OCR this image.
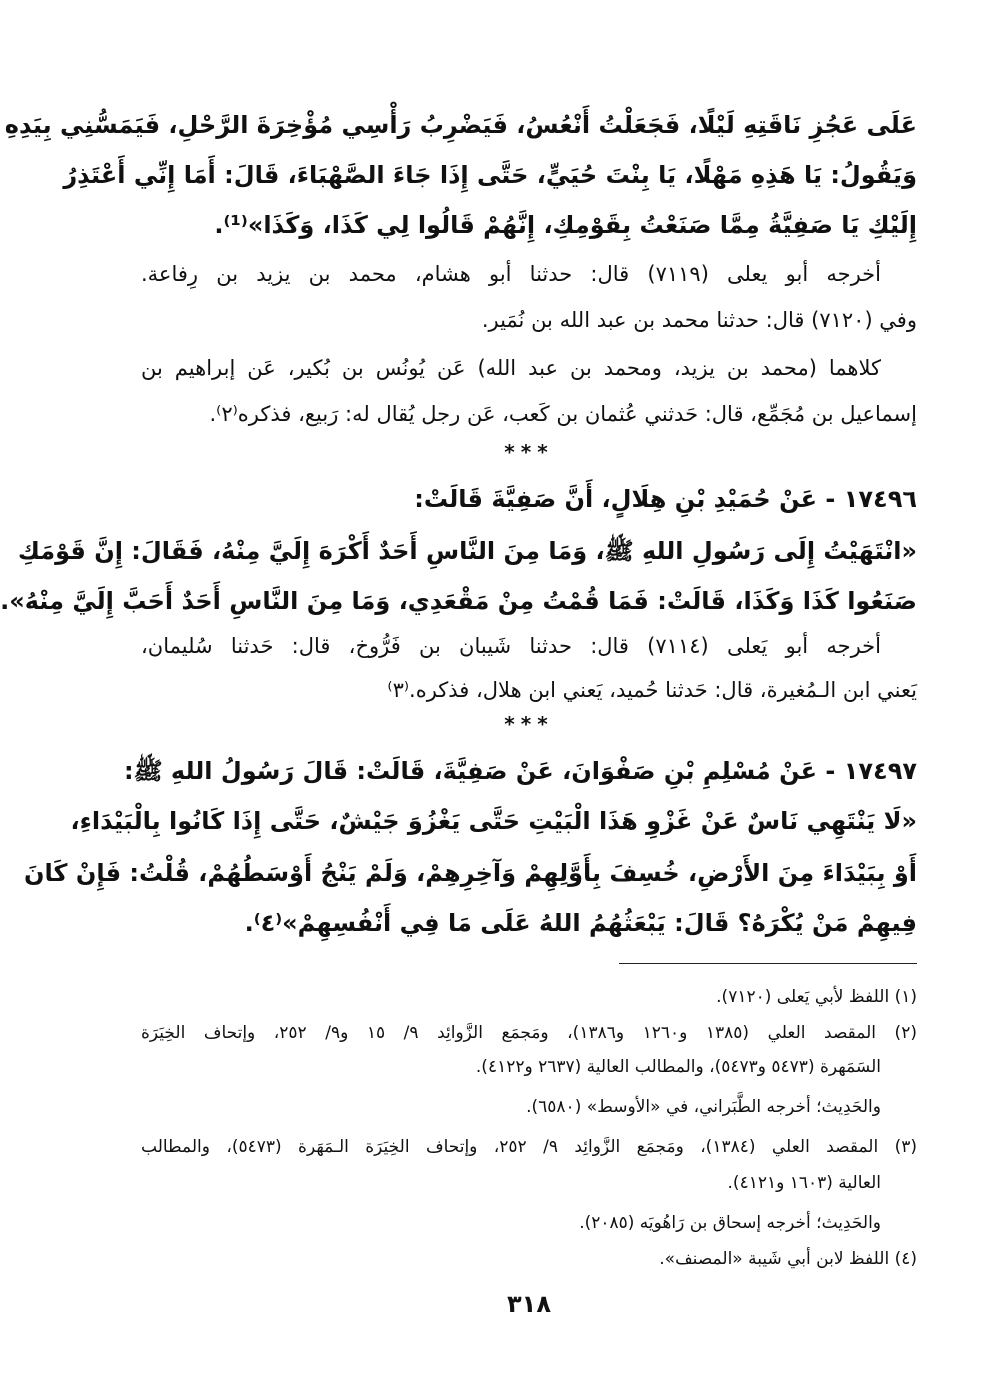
عَلَى عَجُزِ نَاقَتِهِ لَيْلًا، فَجَعَلْتُ أَنْعُسُ، فَيَضْرِبُ رَأْسِي مُؤْخِرَةَ الرَّحْلِ، فَيَمَسُّنِي بِيَدِهِ
وَيَقُولُ: يَا هَذِهِ مَهْلًا، يَا بِنْتَ حُيَيٍّ، حَتَّى إِذَا جَاءَ الصَّهْبَاءَ، قَالَ: أَمَا إِنِّي أَعْتَذِرُ
إِلَيْكِ يَا صَفِيَّةُ مِمَّا صَنَعْتُ بِقَوْمِكِ، إِنَّهُمْ قَالُوا لِي كَذَا، وَكَذَا»⁽¹⁾.
أخرجه أبو يعلى (٧١١٩) قال: حدثنا أبو هشام، محمد بن يزيد بن رِفاعة.
وفي (٧١٢٠) قال: حدثنا محمد بن عبد الله بن نُمَير.
كلاهما (محمد بن يزيد، ومحمد بن عبد الله) عَن يُونُس بن بُكير، عَن إبراهيم بن
إسماعيل بن مُجَمِّع، قال: حَدثني عُثمان بن كَعب، عَن رجل يُقال له: رَبيع، فذكره⁽٢⁾.
***
١٧٤٩٦ - عَنْ حُمَيْدِ بْنِ هِلَالٍ، أَنَّ صَفِيَّةَ قَالَتْ:
«انْتَهَيْتُ إِلَى رَسُولِ اللهِ ﷺ، وَمَا مِنَ النَّاسِ أَحَدٌ أَكْرَهَ إِلَيَّ مِنْهُ، فَقَالَ: إِنَّ قَوْمَكِ
صَنَعُوا كَذَا وَكَذَا، قَالَتْ: فَمَا قُمْتُ مِنْ مَقْعَدِي، وَمَا مِنَ النَّاسِ أَحَدٌ أَحَبَّ إِلَيَّ مِنْهُ».
أخرجه أبو يَعلى (٧١١٤) قال: حدثنا شَيبان بن فَرُّوخ، قال: حَدثنا سُليمان،
يَعني ابن الـمُغيرة، قال: حَدثنا حُميد، يَعني ابن هلال، فذكره.⁽٣⁾
***
١٧٤٩٧ - عَنْ مُسْلِمِ بْنِ صَفْوَانَ، عَنْ صَفِيَّةَ، قَالَتْ: قَالَ رَسُولُ اللهِ ﷺ:
«لَا يَنْتَهِي نَاسٌ عَنْ غَزْوِ هَذَا الْبَيْتِ حَتَّى يَغْزُوَ جَيْشٌ، حَتَّى إِذَا كَانُوا بِالْبَيْدَاءِ،
أَوْ بِبَيْدَاءَ مِنَ الأَرْضِ، خُسِفَ بِأَوَّلِهِمْ وَآخِرِهِمْ، وَلَمْ يَنْجُ أَوْسَطُهُمْ، قُلْتُ: فَإِنْ كَانَ
فِيهِمْ مَنْ يُكْرَهُ؟ قَالَ: يَبْعَثُهُمُ اللهُ عَلَى مَا فِي أَنْفُسِهِمْ»⁽٤⁾.
(١) اللفظ لأبي يَعلى (٧١٢٠).
(٢) المقصد العلي (١٣٨٥ و١٢٦٠ و١٣٨٦)، ومَجمَع الزَّوائِد ٩/ ١٥ و٩/ ٢٥٢، وإتحاف الخِيَرَة
السَمَهرة (٥٤٧٣ و٥٤٧٣)، والمطالب العالية (٢٦٣٧ و٤١٢٢).
والحَدِيث؛ أخرجه الطَّبَراني، في «الأوسط» (٦٥٨٠).
(٣) المقصد العلي (١٣٨٤)، ومَجمَع الزَّوائِد ٩/ ٢٥٢، وإتحاف الخِيَرَة الـمَهَرة (٥٤٧٣)، والمطالب
العالية (١٦٠٣ و٤١٢١).
والحَدِيث؛ أخرجه إسحاق بن رَاهُويَه (٢٠٨٥).
(٤) اللفظ لابن أبي شَيبة «المصنف».
٣١٨
